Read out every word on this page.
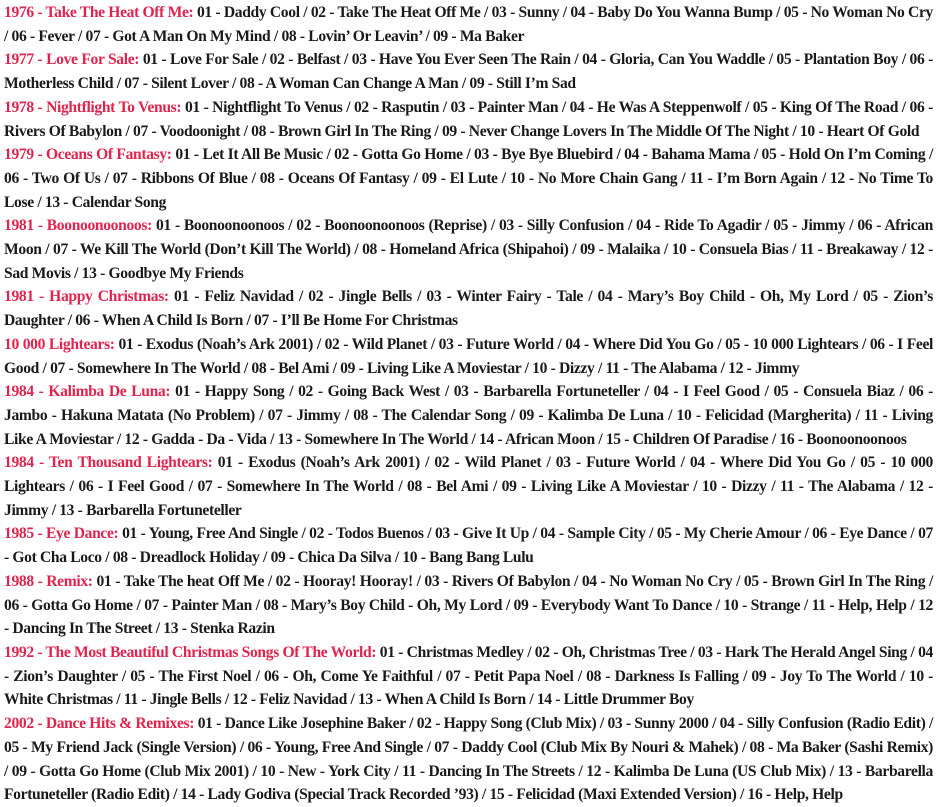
1976 - Take The Heat Off Me: 01 - Daddy Cool / 02 - Take The Heat Off Me / 03 - Sunny / 04 - Baby Do You Wanna Bump / 05 - No Woman No Cry / 06 - Fever / 07 - Got A Man On My Mind / 08 - Lovin’ Or Leavin’ / 09 - Ma Baker

1977 - Love For Sale: 01 - Love For Sale / 02 - Belfast / 03 - Have You Ever Seen The Rain / 04 - Gloria, Can You Waddle / 05 - Plantation Boy / 06 - Motherless Child / 07 - Silent Lover / 08 - A Woman Can Change A Man / 09 - Still I’m Sad

1978 - Nightflight To Venus: 01 - Nightflight To Venus / 02 - Rasputin / 03 - Painter Man / 04 - He Was A Steppenwolf / 05 - King Of The Road / 06 - Rivers Of Babylon / 07 - Voodoonight / 08 - Brown Girl In The Ring / 09 - Never Change Lovers In The Middle Of The Night / 10 - Heart Of Gold

1979 - Oceans Of Fantasy: 01 - Let It All Be Music / 02 - Gotta Go Home / 03 - Bye Bye Bluebird / 04 - Bahama Mama / 05 - Hold On I’m Coming / 06 - Two Of Us / 07 - Ribbons Of Blue / 08 - Oceans Of Fantasy / 09 - El Lute / 10 - No More Chain Gang / 11 - I’m Born Again / 12 - No Time To Lose / 13 - Calendar Song

1981 - Boonoonoonoos: 01 - Boonoonoonoos / 02 - Boonoonoonoos (Reprise) / 03 - Silly Confusion / 04 - Ride To Agadir / 05 - Jimmy / 06 - African Moon / 07 - We Kill The World (Don’t Kill The World) / 08 - Homeland Africa (Shipahoi) / 09 - Malaika / 10 - Consuela Bias / 11 - Breakaway / 12 - Sad Movis / 13 - Goodbye My Friends

1981 - Happy Christmas: 01 - Feliz Navidad / 02 - Jingle Bells / 03 - Winter Fairy - Tale / 04 - Mary’s Boy Child - Oh, My Lord / 05 - Zion’s Daughter / 06 - When A Child Is Born / 07 - I’ll Be Home For Christmas

10 000 Lightears: 01 - Exodus (Noah’s Ark 2001) / 02 - Wild Planet / 03 - Future World / 04 - Where Did You Go / 05 - 10 000 Lightears / 06 - I Feel Good / 07 - Somewhere In The World / 08 - Bel Ami / 09 - Living Like A Moviestar / 10 - Dizzy / 11 - The Alabama / 12 - Jimmy

1984 - Kalimba De Luna: 01 - Happy Song / 02 - Going Back West / 03 - Barbarella Fortuneteller / 04 - I Feel Good / 05 - Consuela Biaz / 06 - Jambo - Hakuna Matata (No Problem) / 07 - Jimmy / 08 - The Calendar Song / 09 - Kalimba De Luna / 10 - Felicidad (Margherita) / 11 - Living Like A Moviestar / 12 - Gadda - Da - Vida / 13 - Somewhere In The World / 14 - African Moon / 15 - Children Of Paradise / 16 - Boonoonoonoos

1984 - Ten Thousand Lightears: 01 - Exodus (Noah’s Ark 2001) / 02 - Wild Planet / 03 - Future World / 04 - Where Did You Go / 05 - 10 000 Lightears / 06 - I Feel Good / 07 - Somewhere In The World / 08 - Bel Ami / 09 - Living Like A Moviestar / 10 - Dizzy / 11 - The Alabama / 12 - Jimmy / 13 - Barbarella Fortuneteller

1985 - Eye Dance: 01 - Young, Free And Single / 02 - Todos Buenos / 03 - Give It Up / 04 - Sample City / 05 - My Cherie Amour / 06 - Eye Dance / 07 - Got Cha Loco / 08 - Dreadlock Holiday / 09 - Chica Da Silva / 10 - Bang Bang Lulu

1988 - Remix: 01 - Take The heat Off Me / 02 - Hooray! Hooray! / 03 - Rivers Of Babylon / 04 - No Woman No Cry / 05 - Brown Girl In The Ring / 06 - Gotta Go Home / 07 - Painter Man / 08 - Mary’s Boy Child - Oh, My Lord / 09 - Everybody Want To Dance / 10 - Strange / 11 - Help, Help / 12 - Dancing In The Street / 13 - Stenka Razin

1992 - The Most Beautiful Christmas Songs Of The World: 01 - Christmas Medley / 02 - Oh, Christmas Tree / 03 - Hark The Herald Angel Sing / 04 - Zion’s Daughter / 05 - The First Noel / 06 - Oh, Come Ye Faithful / 07 - Petit Papa Noel / 08 - Darkness Is Falling / 09 - Joy To The World / 10 - White Christmas / 11 - Jingle Bells / 12 - Feliz Navidad / 13 - When A Child Is Born / 14 - Little Drummer Boy

2002 - Dance Hits & Remixes: 01 - Dance Like Josephine Baker / 02 - Happy Song (Club Mix) / 03 - Sunny 2000 / 04 - Silly Confusion (Radio Edit) / 05 - My Friend Jack (Single Version) / 06 - Young, Free And Single / 07 - Daddy Cool (Club Mix By Nouri & Mahek) / 08 - Ma Baker (Sashi Remix) / 09 - Gotta Go Home (Club Mix 2001) / 10 - New - York City / 11 - Dancing In The Streets / 12 - Kalimba De Luna (US Club Mix) / 13 - Barbarella Fortuneteller (Radio Edit) / 14 - Lady Godiva (Special Track Recorded ’93) / 15 - Felicidad (Maxi Extended Version) / 16 - Help, Help
